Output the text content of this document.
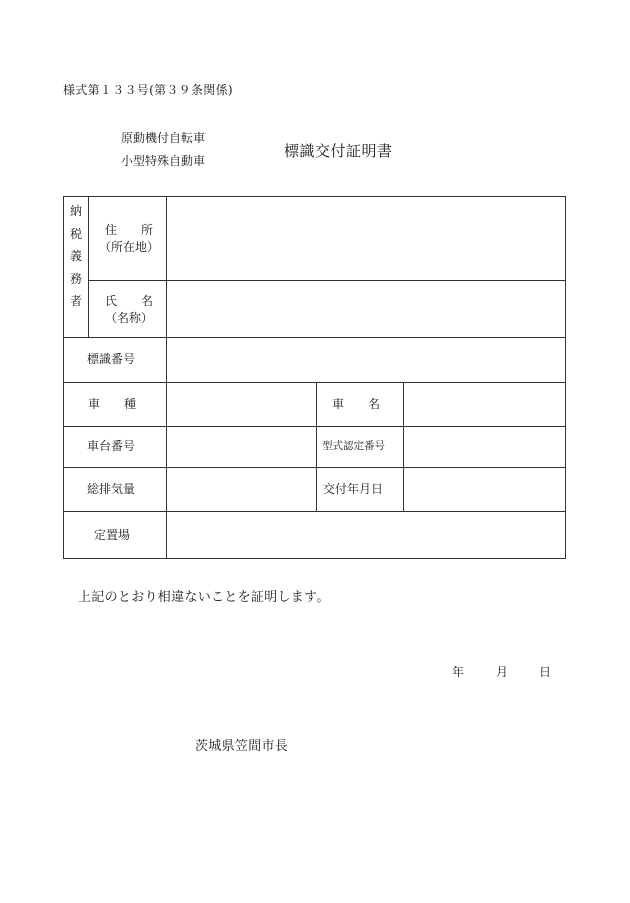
様式第１３３号(第３９条関係)
原動機付自転車
小型特殊自動車
標識交付証明書
納
税
義
務
者
住　　所
（所在地）
氏　　名
（名称）
標識番号
車　　種	車　　名
車台番号	型式認定番号
総排気量	交付年月日
定置場
上記のとおり相違ないことを証明します。
年	月	日
茨城県笠間市長
